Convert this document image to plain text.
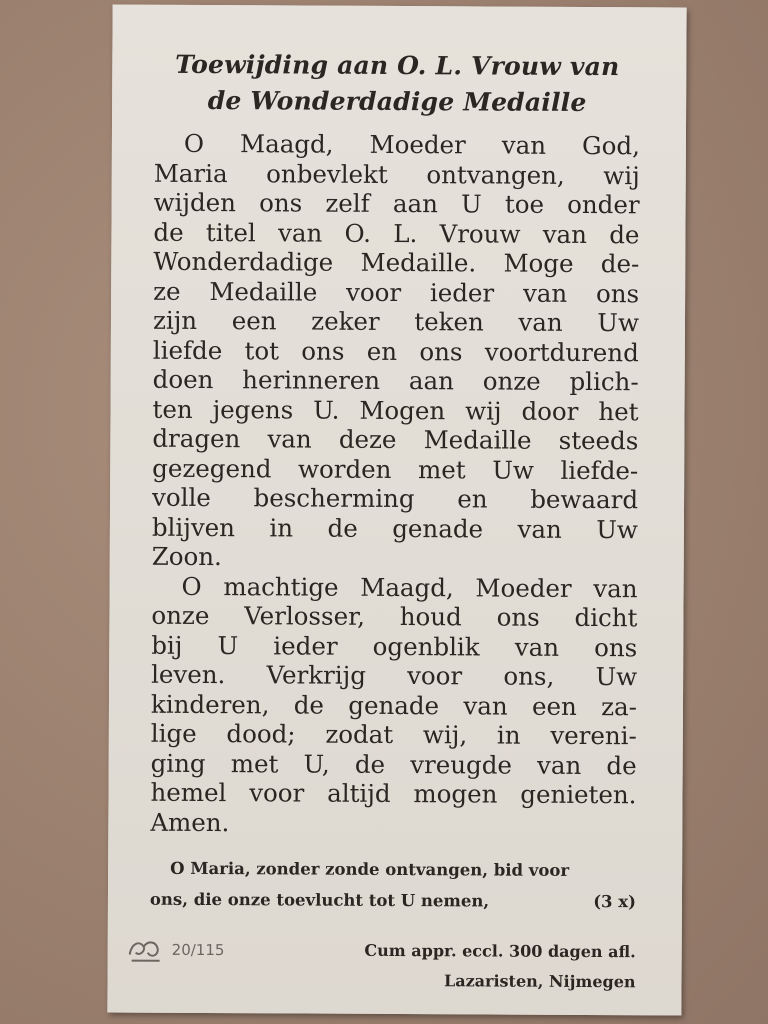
Toewijding aan O. L. Vrouw van
de Wonderdadige Medaille
O Maagd, Moeder van God,
Maria onbevlekt ontvangen, wij
wijden ons zelf aan U toe onder
de titel van O. L. Vrouw van de
Wonderdadige Medaille. Moge de-
ze Medaille voor ieder van ons
zijn een zeker teken van Uw
liefde tot ons en ons voortdurend
doen herinneren aan onze plich-
ten jegens U. Mogen wij door het
dragen van deze Medaille steeds
gezegend worden met Uw liefde-
volle bescherming en bewaard
blijven in de genade van Uw
Zoon.
O machtige Maagd, Moeder van
onze Verlosser, houd ons dicht
bij U ieder ogenblik van ons
leven. Verkrijg voor ons, Uw
kinderen, de genade van een za-
lige dood; zodat wij, in vereni-
ging met U, de vreugde van de
hemel voor altijd mogen genieten.
Amen.
O Maria, zonder zonde ontvangen, bid voor
ons, die onze toevlucht tot U nemen,	(3 x)
20/115	Cum appr. eccl. 300 dagen afl.
Lazaristen, Nijmegen
